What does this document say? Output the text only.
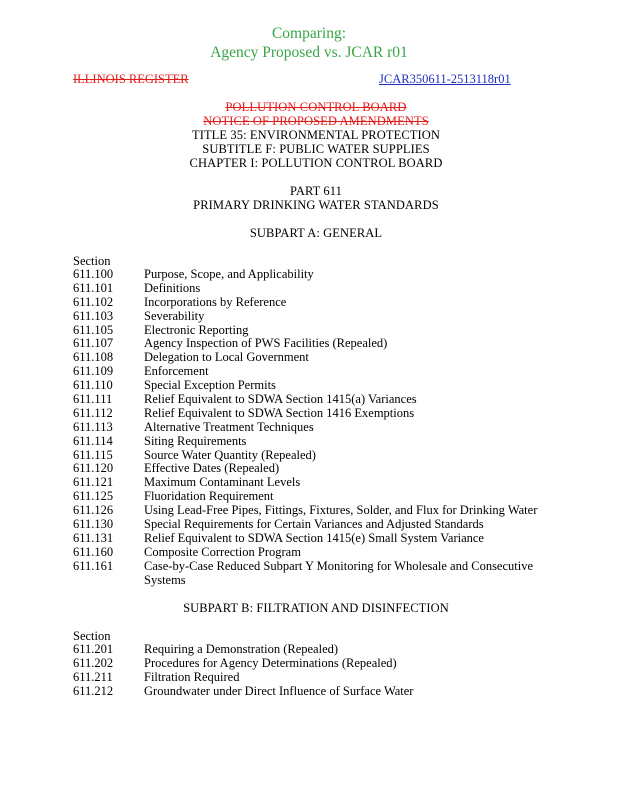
Comparing:
Agency Proposed vs. JCAR r01
ILLINOIS REGISTER	JCAR350611-2513118r01
POLLUTION CONTROL BOARD
NOTICE OF PROPOSED AMENDMENTS
TITLE 35: ENVIRONMENTAL PROTECTION
SUBTITLE F: PUBLIC WATER SUPPLIES
CHAPTER I: POLLUTION CONTROL BOARD
PART 611
PRIMARY DRINKING WATER STANDARDS
SUBPART A: GENERAL
Section
611.100 Purpose, Scope, and Applicability
611.101 Definitions
611.102 Incorporations by Reference
611.103 Severability
611.105 Electronic Reporting
611.107 Agency Inspection of PWS Facilities (Repealed)
611.108 Delegation to Local Government
611.109 Enforcement
611.110	Special Exception Permits
611.111	Relief Equivalent to SDWA Section 1415(a) Variances
611.112	Relief Equivalent to SDWA Section 1416 Exemptions
611.113	Alternative Treatment Techniques
611.114	Siting Requirements
611.115	Source Water Quantity (Repealed)
611.120 Effective Dates (Repealed)
611.121 Maximum Contaminant Levels
611.125 Fluoridation Requirement
611.126 Using Lead-Free Pipes, Fittings, Fixtures, Solder, and Flux for Drinking Water
611.130 Special Requirements for Certain Variances and Adjusted Standards
611.131 Relief Equivalent to SDWA Section 1415(e) Small System Variance
611.160 Composite Correction Program
611.161 Case-by-Case Reduced Subpart Y Monitoring for Wholesale and Consecutive Systems
SUBPART B: FILTRATION AND DISINFECTION
Section
611.201 Requiring a Demonstration (Repealed)
611.202 Procedures for Agency Determinations (Repealed)
611.211	Filtration Required
611.212 Groundwater under Direct Influence of Surface Water
